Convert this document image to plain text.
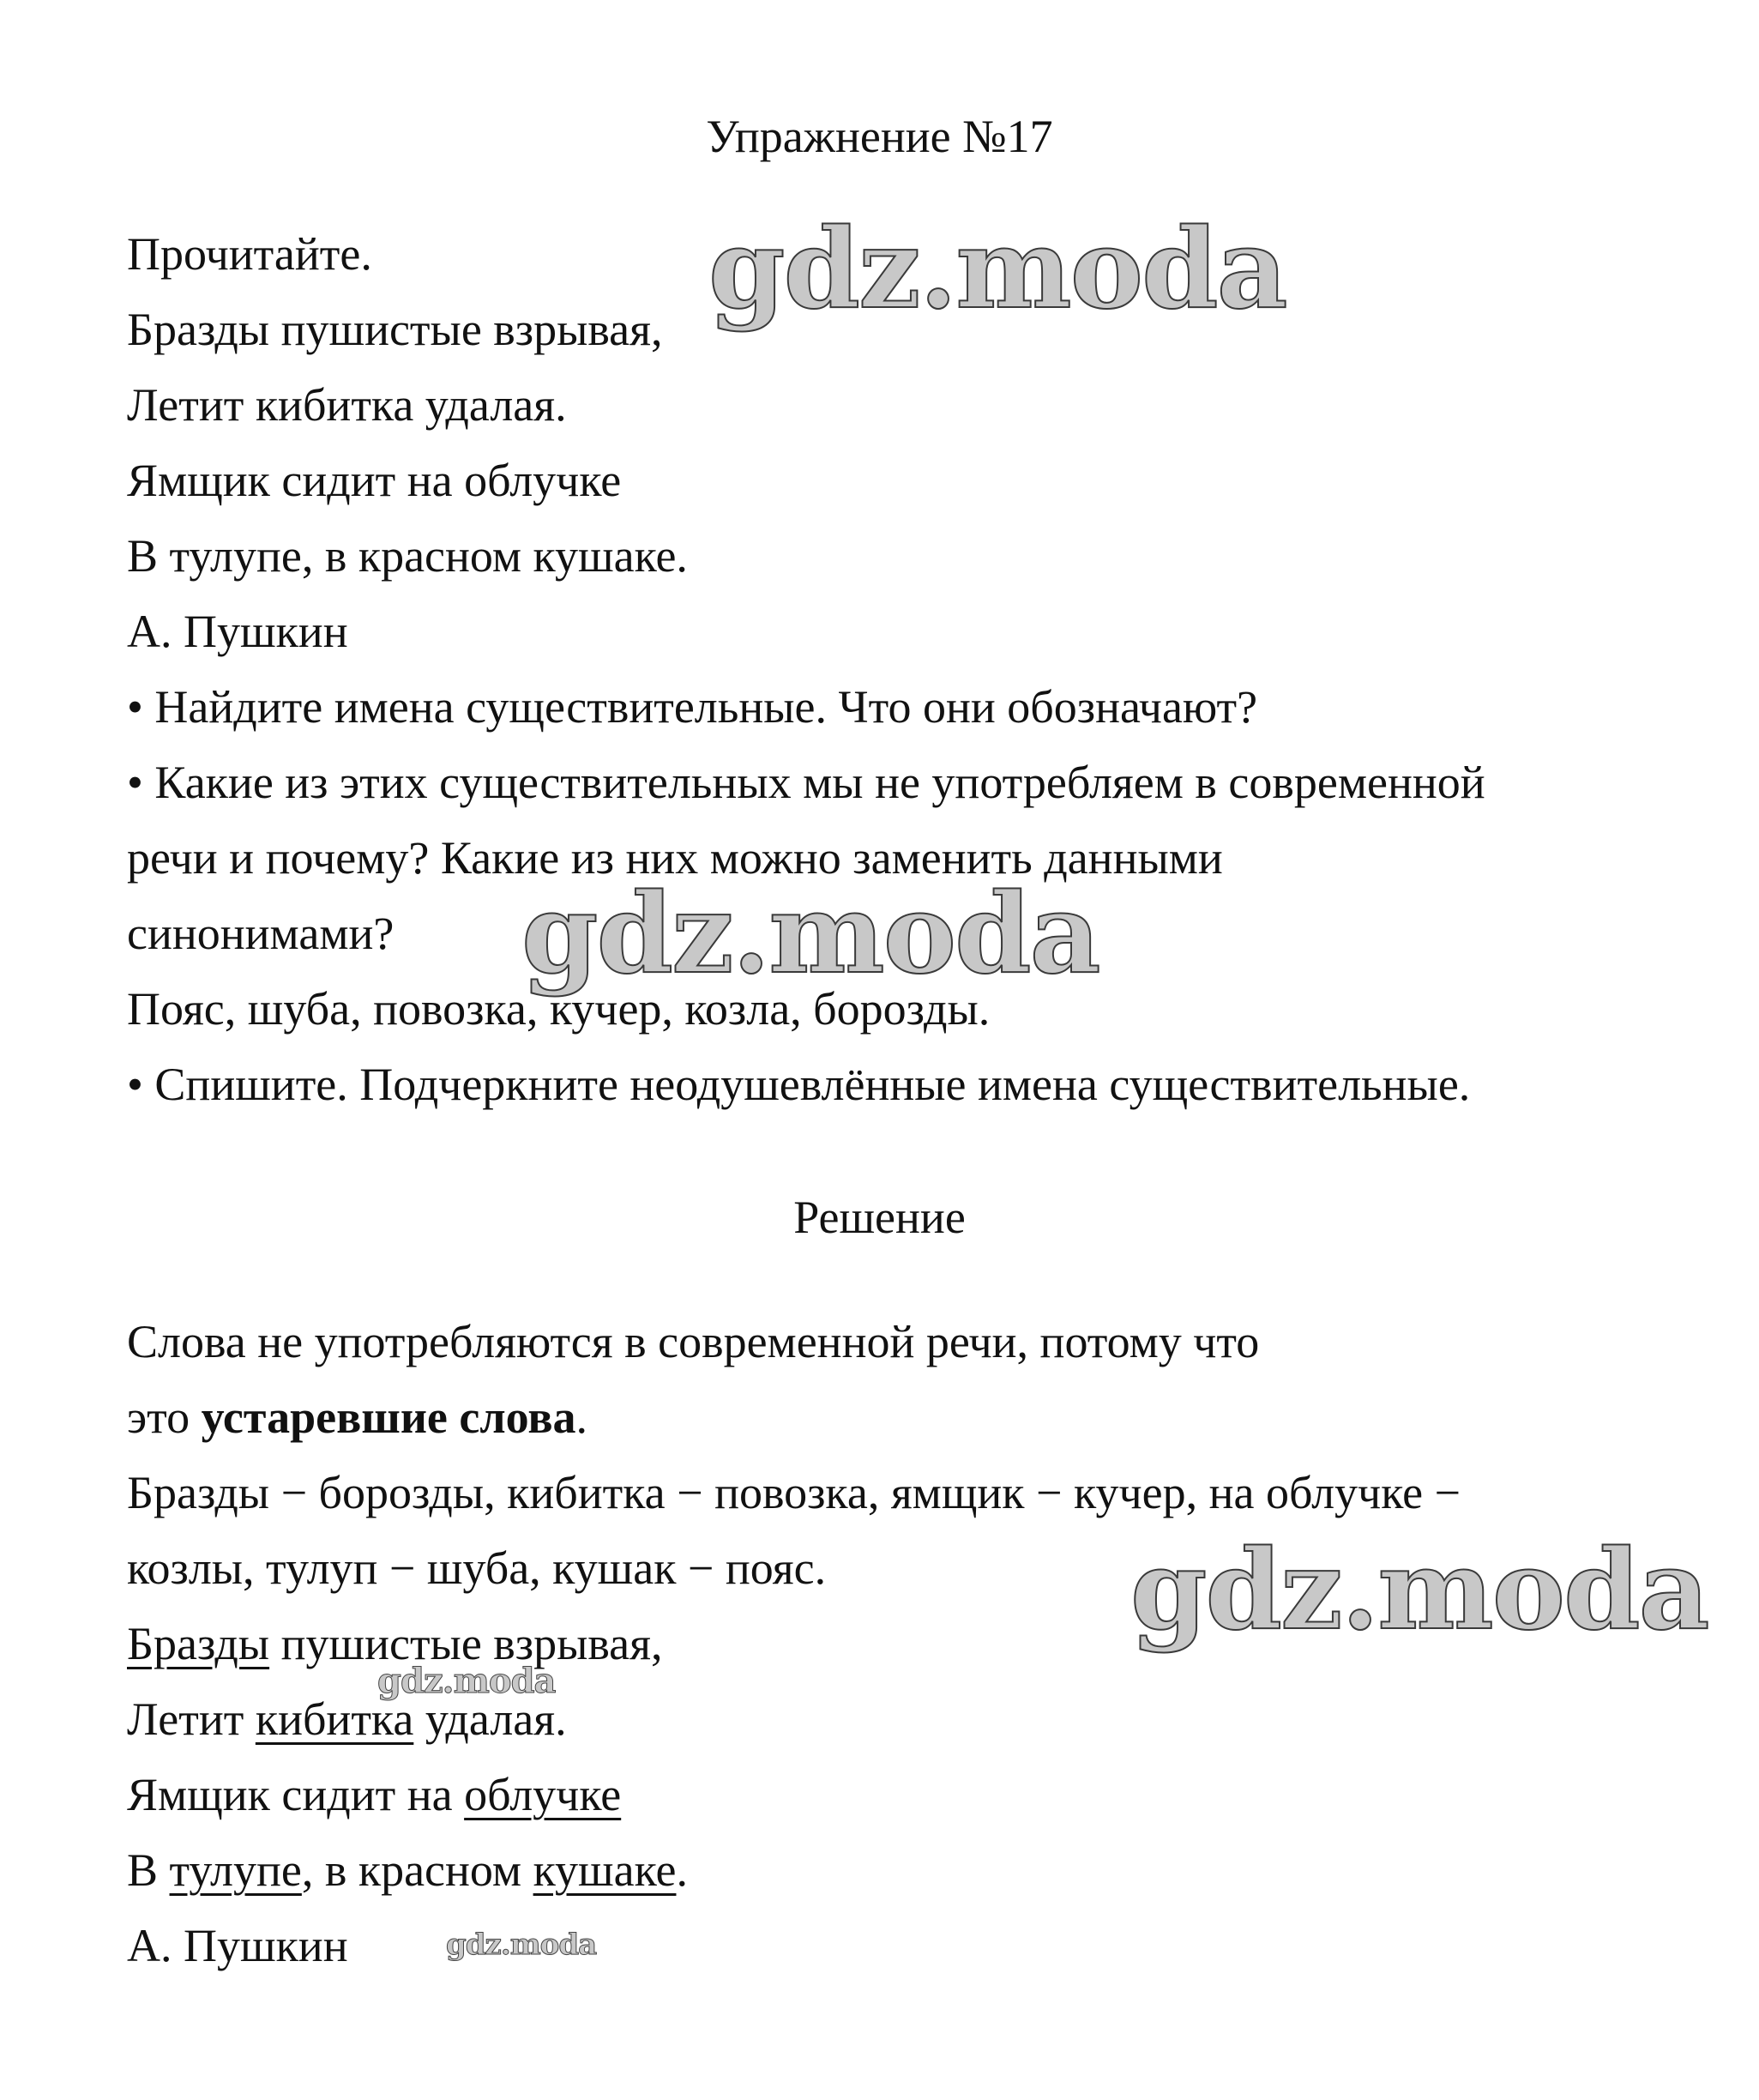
Упражнение №17

Прочитайте.

Бразды пушистые взрывая,

Летит кибитка удалая.

Ямщик сидит на облучке

В тулупе, в красном кушаке.

А. Пушкин

• Найдите имена существительные. Что они обозначают?

• Какие из этих существительных мы не употребляем в современной

речи и почему? Какие из них можно заменить данными

синонимами?

Пояс, шуба, повозка, кучер, козла, борозды.

• Спишите. Подчеркните неодушевлённые имена существительные.

Решение

Слова не употребляются в современной речи, потому что

это устаревшие слова.

Бразды − борозды, кибитка − повозка, ямщик − кучер, на облучке −

козлы, тулуп − шуба, кушак − пояс.

Бразды пушистые взрывая,

Летит кибитка удалая.

Ямщик сидит на облучке

В тулупе, в красном кушаке.

А. Пушкин

gdz.moda
gdz.moda
gdz.moda
gdz.moda
gdz.moda
